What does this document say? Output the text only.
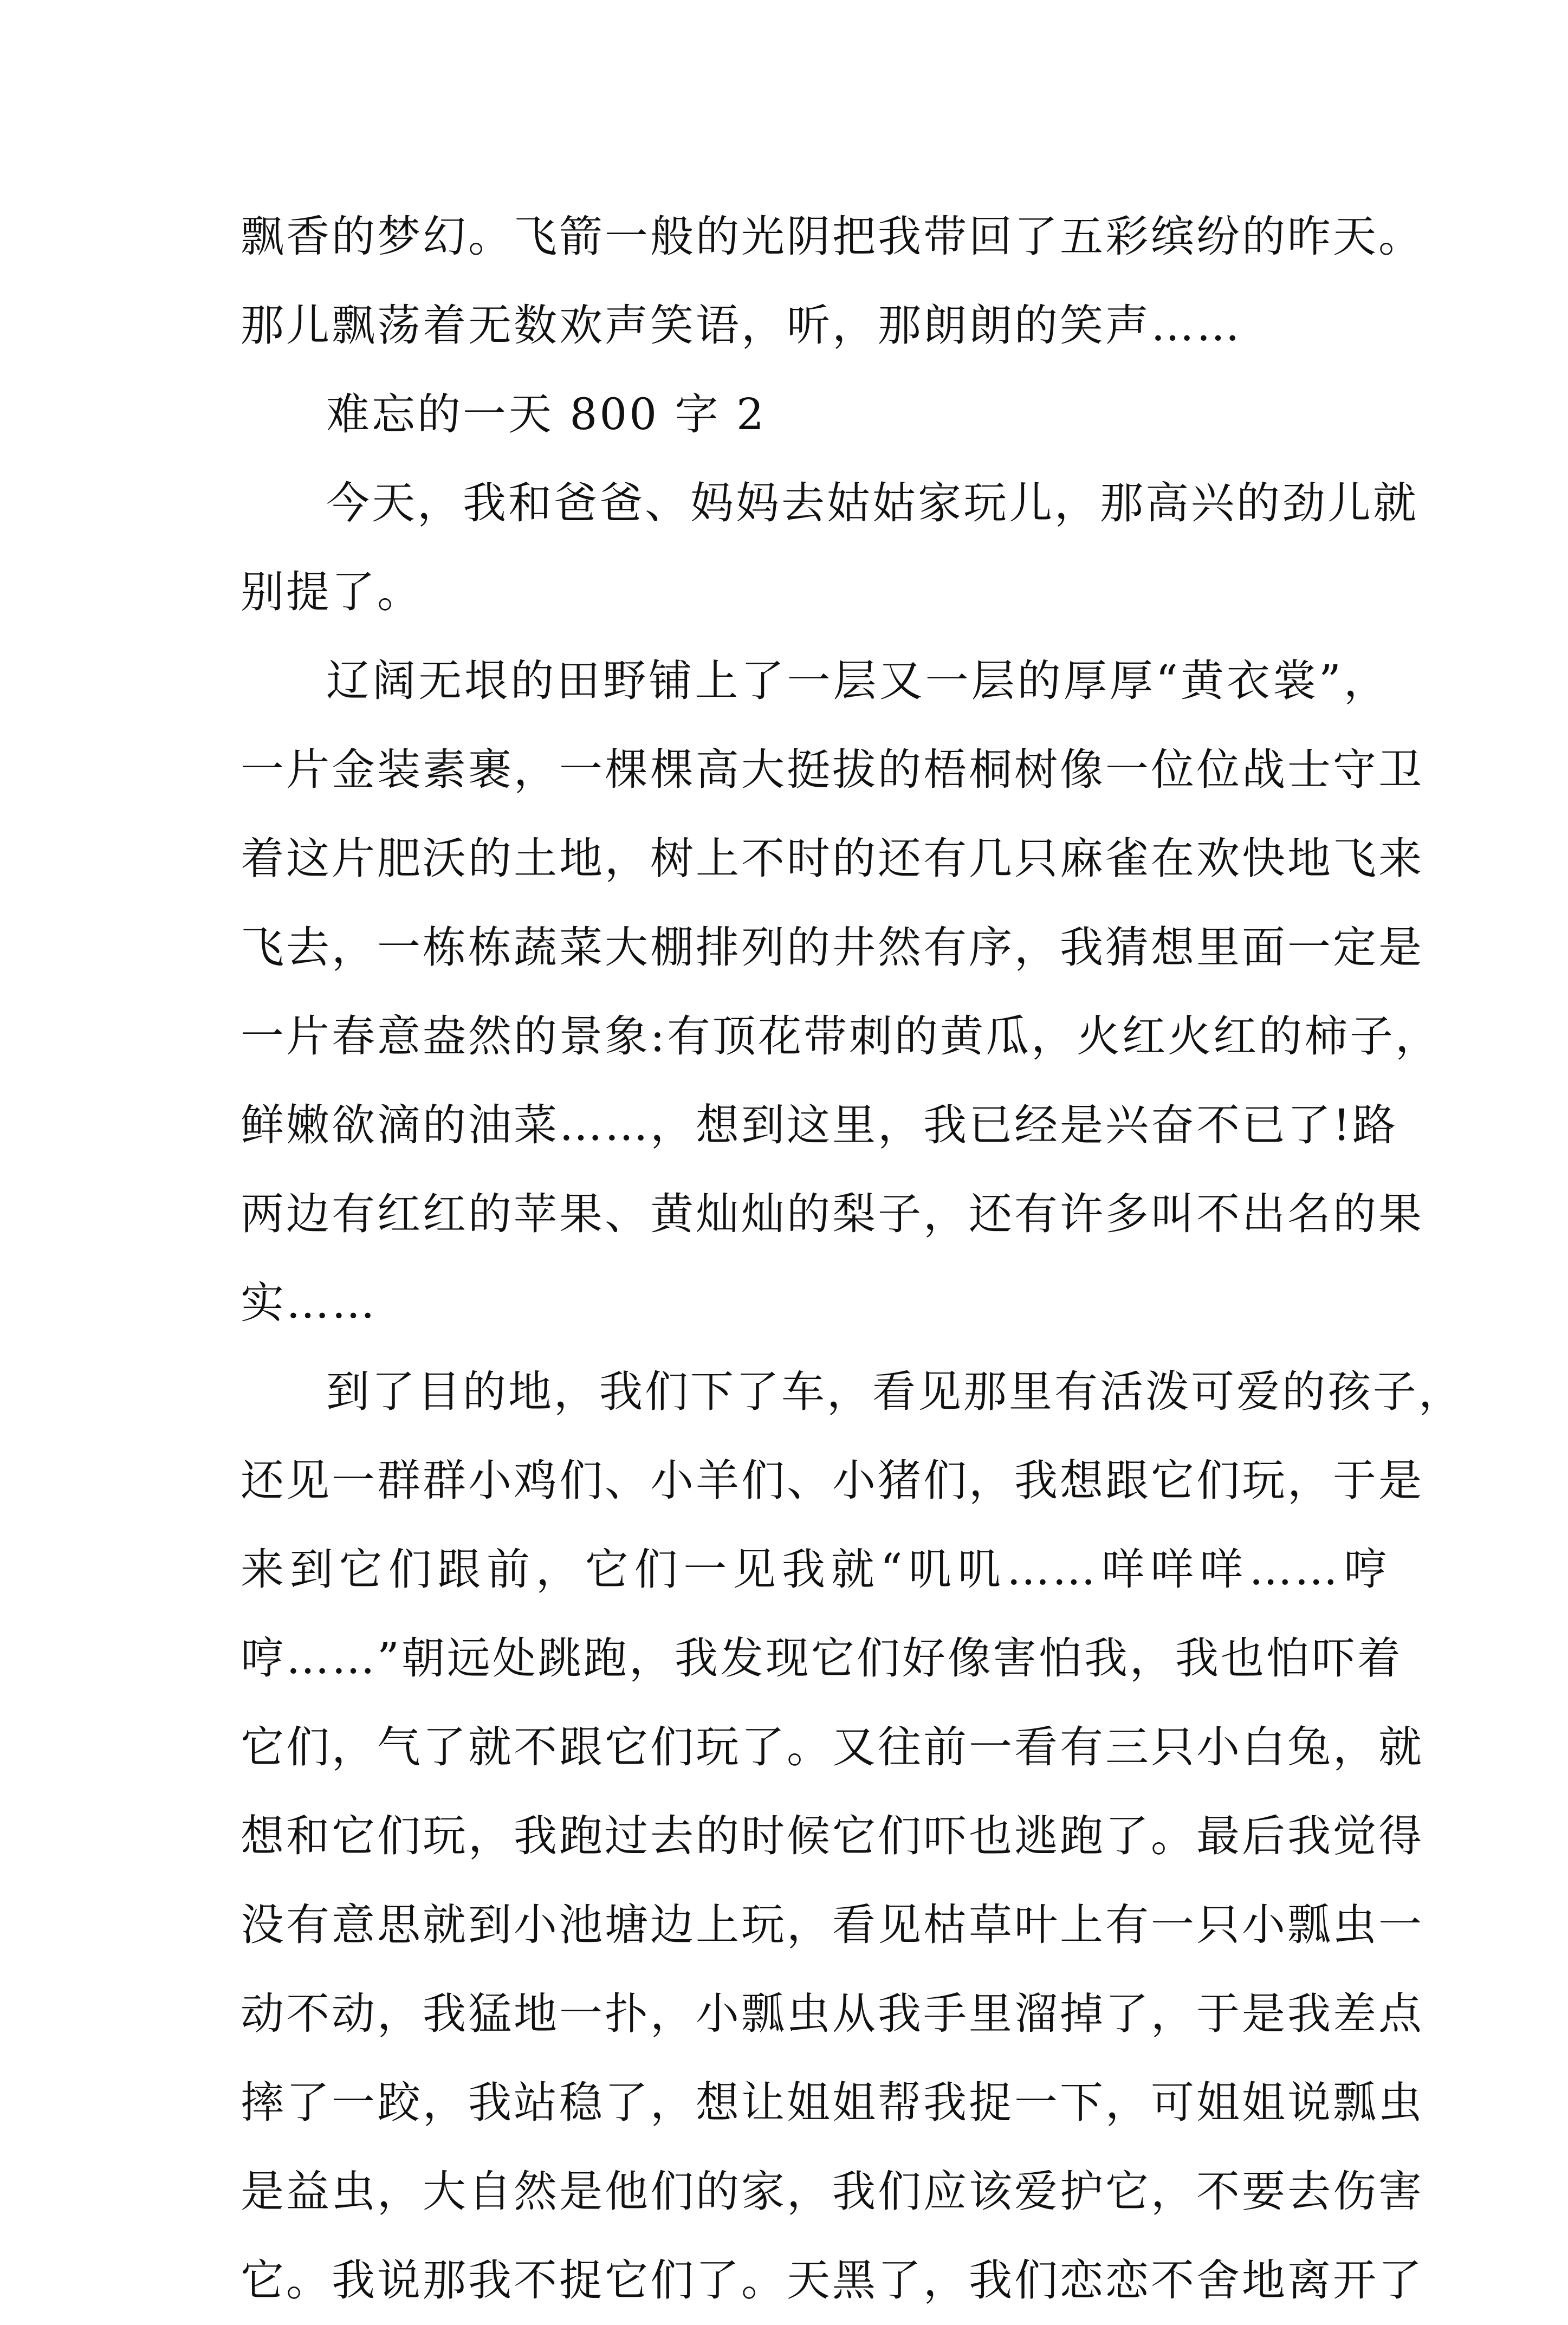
飘香的梦幻。飞箭一般的光阴把我带回了五彩缤纷的昨天。
那儿飘荡着无数欢声笑语，听，那朗朗的笑声……
难忘的一天 800 字 2
今天，我和爸爸、妈妈去姑姑家玩儿，那高兴的劲儿就
别提了。
辽阔无垠的田野铺上了一层又一层的厚厚“黄衣裳”，
一片金装素裹，一棵棵高大挺拔的梧桐树像一位位战士守卫
着这片肥沃的土地，树上不时的还有几只麻雀在欢快地飞来
飞去，一栋栋蔬菜大棚排列的井然有序，我猜想里面一定是
一片春意盎然的景象:有顶花带刺的黄瓜，火红火红的柿子，
鲜嫩欲滴的油菜……，想到这里，我已经是兴奋不已了!路
两边有红红的苹果、黄灿灿的梨子，还有许多叫不出名的果
实……
到了目的地，我们下了车，看见那里有活泼可爱的孩子，
还见一群群小鸡们、小羊们、小猪们，我想跟它们玩，于是
来到它们跟前，它们一见我就“叽叽……咩咩咩……哼
哼……”朝远处跳跑，我发现它们好像害怕我，我也怕吓着
它们，气了就不跟它们玩了。又往前一看有三只小白兔，就
想和它们玩，我跑过去的时候它们吓也逃跑了。最后我觉得
没有意思就到小池塘边上玩，看见枯草叶上有一只小瓢虫一
动不动，我猛地一扑，小瓢虫从我手里溜掉了，于是我差点
摔了一跤，我站稳了，想让姐姐帮我捉一下，可姐姐说瓢虫
是益虫，大自然是他们的家，我们应该爱护它，不要去伤害
它。我说那我不捉它们了。天黑了，我们恋恋不舍地离开了
